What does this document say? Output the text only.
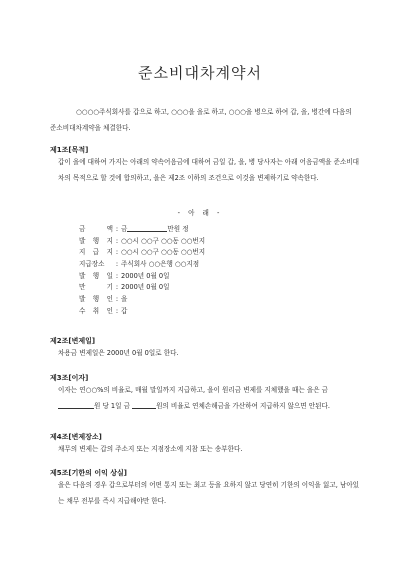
준소비대차계약서
○○○○주식회사를 갑으로 하고, ○○○을 을로 하고, ○○○을 병으로 하여 갑, 을, 병간에 다음의 준소비대차계약을 체결한다.
제1조[목적]
갑이 을에 대하여 가지는 아래의 약속어음금에 대하여 금일 갑, 을, 병 당사자는 아래 어음금액을 준소비대차의 목적으로 할 것에 합의하고, 을은 제2조 이하의 조건으로 이것을 변제하기로 약속한다.
- 아 래 -
금 액 : 금	만원 정
발 행 지 : ○○시 ○○구 ○○동 ○○번지
지 급 지 : ○○시 ○○구 ○○동 ○○번지
지급장소	: 주식회사 ○○은행 ○○지점
발 행 일 : 2000년 0월 0일
만 기 : 2000년 0월 0일
발 행 인 : 을
수 취 인 : 갑
제2조[변제일]
차용금 변제일은 2000년 0월 0일로 한다.
제3조[이자]
이자는 연○○%의 비율로, 매월 말일까지 지급하고, 을이 원리금 변제를 지체했을 때는 을은 금 원 당 1일 금	원의 비율로 연체손해금을 가산하여 지급하지 않으면 안된다.
제4조[변제장소]
채무의 변제는 갑의 주소지 또는 지점장소에 지참 또는 송부한다.
제5조[기한의 이익 상실]
을은 다음의 경우 갑으로부터의 어떤 통지 또는 최고 등을 요하지 않고 당연히 기한의 이익을 잃고, 남아있는 채무 전부를 즉시 지급해야만 한다.
